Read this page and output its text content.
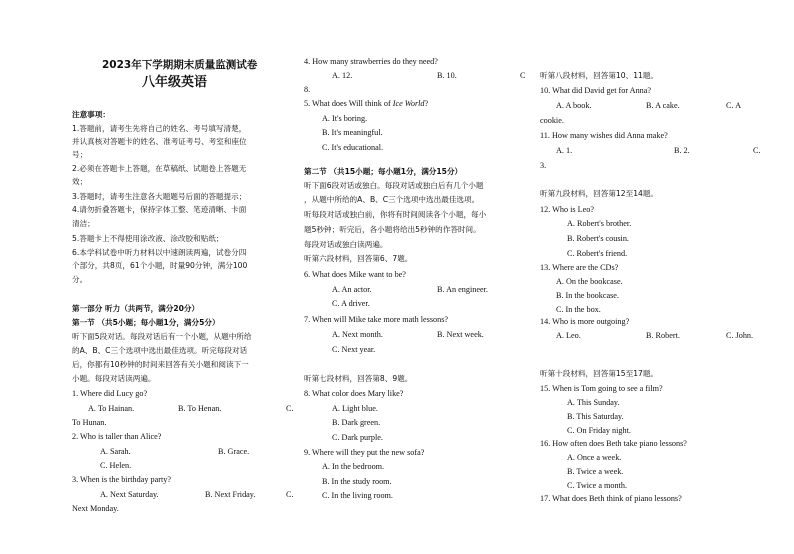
2023年下学期期末质量监测试卷
八年级英语
注意事项：
1.答题前，请考生先将自己的姓名、考号填写清楚，
并认真核对答题卡的姓名、准考证考号、考室和座位
号；
2.必须在答题卡上答题，在草稿纸、试题卷上答题无
效；
3.答题时，请考生注意各大题题号后面的答题提示；
4.请勿折叠答题卡，保持字体工整、笔迹清晰、卡面
清洁；
5.答题卡上不得使用涂改液、涂改胶和贴纸；
6.本学科试卷中听力材料以中速朗读两遍，试卷分四
个部分，共8页，61个小题，时量90分钟，满分100
分。
第一部分 听力（共两节，满分20分）
第一节 （共5小题；每小题1分，满分5分）
听下面5段对话。每段对话后有一个小题，从题中所给
的A、B、C三个选项中选出最佳选项。听完每段对话
后，你都有10秒钟的时间来回答有关小题和阅读下一
小题。每段对话读两遍。
1. Where did Lucy go?
A. To Hainan.	B. To Henan.	C.
To Hunan.
2. Who is taller than Alice?
A. Sarah.	B. Grace.
C. Helen.
3. When is the birthday party?
A. Next Saturday.	B. Next Friday.	C.
Next Monday.
4. How many strawberries do they need?
A. 12.	B. 10.	C
8.
5. What does Will think of Ice World?
A. It's boring.
B. It's meaningful.
C. It's educational.
第二节 （共15小题；每小题1分，满分15分）
听下面6段对话或独白。每段对话或独白后有几个小题
，从题中所给的A、B、C三个选项中选出最佳选项。
听每段对话或独白前，你将有时间阅读各个小题，每小
题5秒钟；听完后，各小题将给出5秒钟的作答时间。
每段对话或独白读两遍。
听第六段材料，回答第6、7题。
6. What does Mike want to be?
A. An actor.	B. An engineer.
C. A driver.
7. When will Mike take more math lessons?
A. Next month.	B. Next week.
C. Next year.
听第七段材料，回答第8、9题。
8. What color does Mary like?
A. Light blue.
B. Dark green.
C. Dark purple.
9. Where will they put the new sofa?
A. In the bedroom.
B. In the study room.
C. In the living room.
听第八段材料，回答第10、11题。
10. What did David get for Anna?
A. A book.	B. A cake.	C. A
cookie.
11. How many wishes did Anna make?
A. 1.	B. 2.	C.
3.
听第九段材料，回答第12至14题。
12. Who is Leo?
A. Robert's brother.
B. Robert's cousin.
C. Robert's friend.
13. Where are the CDs?
A. On the bookcase.
B. In the bookcase.
C. In the box.
14. Who is more outgoing?
A. Leo.	B. Robert.	C. John.
听第十段材料，回答第15至17题。
15. When is Tom going to see a film?
A. This Sunday.
B. This Saturday.
C. On Friday night.
16. How often does Beth take piano lessons?
A. Once a week.
B. Twice a week.
C. Twice a month.
17. What does Beth think of piano lessons?
